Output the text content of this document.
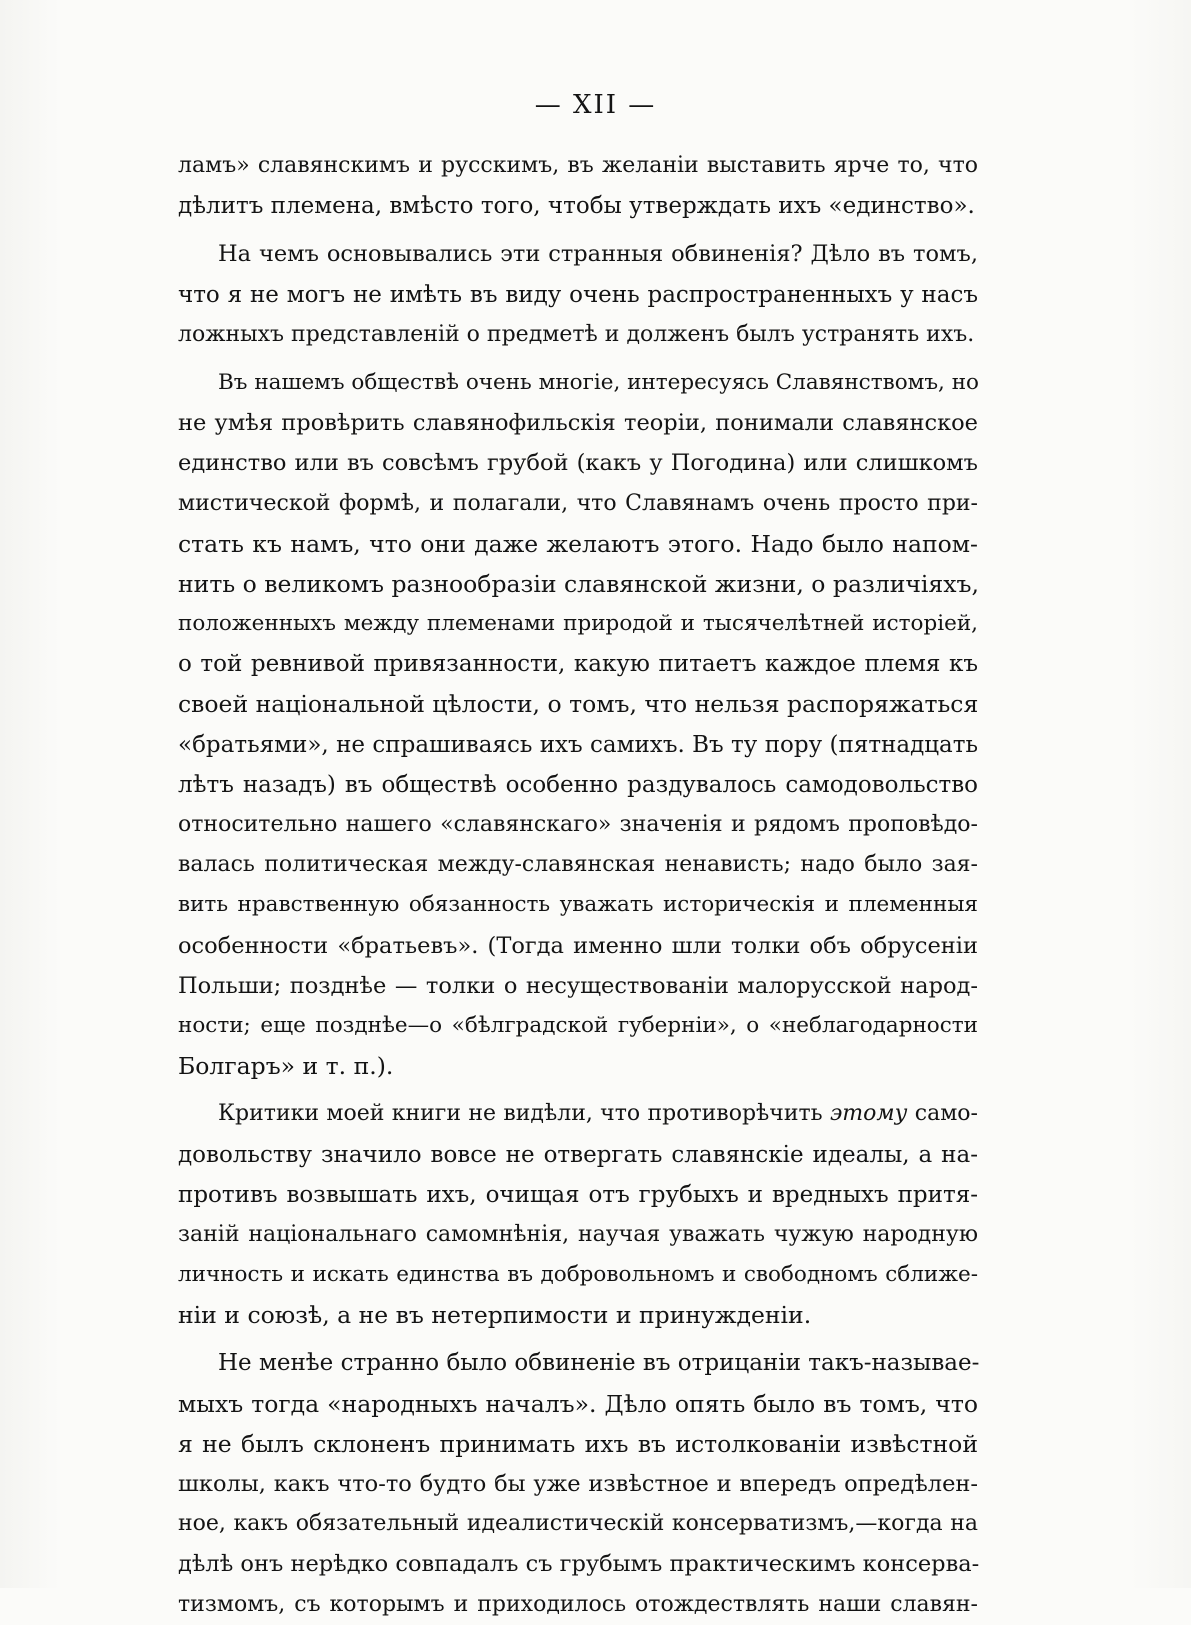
— XII —
ламъ» славянскимъ и русскимъ, въ желаніи выставить ярче то, что
дѣлитъ племена, вмѣсто того, чтобы утверждать ихъ «единство».
На чемъ основывались эти странныя обвиненія? Дѣло въ томъ,
что я не могъ не имѣть въ виду очень распространенныхъ у насъ
ложныхъ представленій о предметѣ и долженъ былъ устранять ихъ.
Въ нашемъ обществѣ очень многіе, интересуясь Славянствомъ, но
не умѣя провѣрить славянофильскія теоріи, понимали славянское
единство или въ совсѣмъ грубой (какъ у Погодина) или слишкомъ
мистической формѣ, и полагали, что Славянамъ очень просто при-
стать къ намъ, что они даже желаютъ этого. Надо было напом-
нить о великомъ разнообразіи славянской жизни, о различіяхъ,
положенныхъ между племенами природой и тысячелѣтней исторіей,
о той ревнивой привязанности, какую питаетъ каждое племя къ
своей національной цѣлости, о томъ, что нельзя распоряжаться
«братьями», не спрашиваясь ихъ самихъ. Въ ту пору (пятнадцать
лѣтъ назадъ) въ обществѣ особенно раздувалось самодовольство
относительно нашего «славянскаго» значенія и рядомъ проповѣдо-
валась политическая между-славянская ненависть; надо было зая-
вить нравственную обязанность уважать историческія и племенныя
особенности «братьевъ». (Тогда именно шли толки объ обрусеніи
Польши; позднѣе — толки о несуществованіи малорусской народ-
ности; еще позднѣе—о «бѣлградской губерніи», о «неблагодарности
Болгаръ» и т. п.).
Критики моей книги не видѣли, что противорѣчить этому само-
довольству значило вовсе не отвергать славянскіе идеалы, а на-
противъ возвышать ихъ, очищая отъ грубыхъ и вредныхъ притя-
заній національнаго самомнѣнія, научая уважать чужую народную
личность и искать единства въ добровольномъ и свободномъ сближе-
ніи и союзѣ, а не въ нетерпимости и принужденіи.
Не менѣе странно было обвиненіе въ отрицаніи такъ-называе-
мыхъ тогда «народныхъ началъ». Дѣло опять было въ томъ, что
я не былъ склоненъ принимать ихъ въ истолкованіи извѣстной
школы, какъ что-то будто бы уже извѣстное и впередъ опредѣлен-
ное, какъ обязательный идеалистическій консерватизмъ,—когда на
дѣлѣ онъ нерѣдко совпадалъ съ грубымъ практическимъ консерва-
тизмомъ, съ которымъ и приходилось отождествлять наши славян-
